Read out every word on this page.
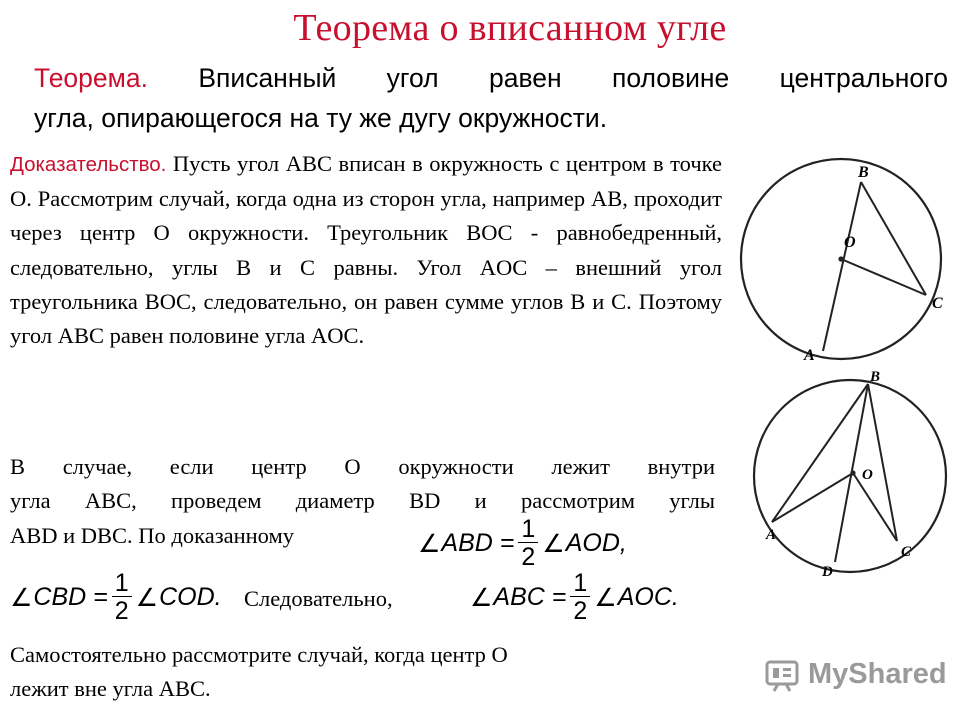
Теорема о вписанном угле
Теорема. Вписанный угол равен половине центрального
угла, опирающегося на ту же дугу окружности.
Доказательство. Пусть угол ABC вписан в окружность с центром в точке O. Рассмотрим случай, когда одна из сторон угла, например AB, проходит через центр O окружности. Треугольник BOC - равнобедренный, следовательно, углы B и C равны. Угол AOC – внешний угол треугольника BOC, следовательно, он равен сумме углов B и C. Поэтому угол ABC равен половине угла AOC.
В случае, если центр O окружности лежит внутри
угла ABC, проведем диаметр BD и рассмотрим углы
ABD и DBC. По доказанному	∠ ABD = $\frac{1}{2}$ ∠ AOD,
∠ CBD = $\frac{1}{2}$ ∠ COD. Следовательно,	∠ ABC = $\frac{1}{2}$ ∠ AOC.
Самостоятельно рассмотрите случай, когда центр O
лежит вне угла ABC.
B
O
C
A
B
O
A
C
D
MyShared
